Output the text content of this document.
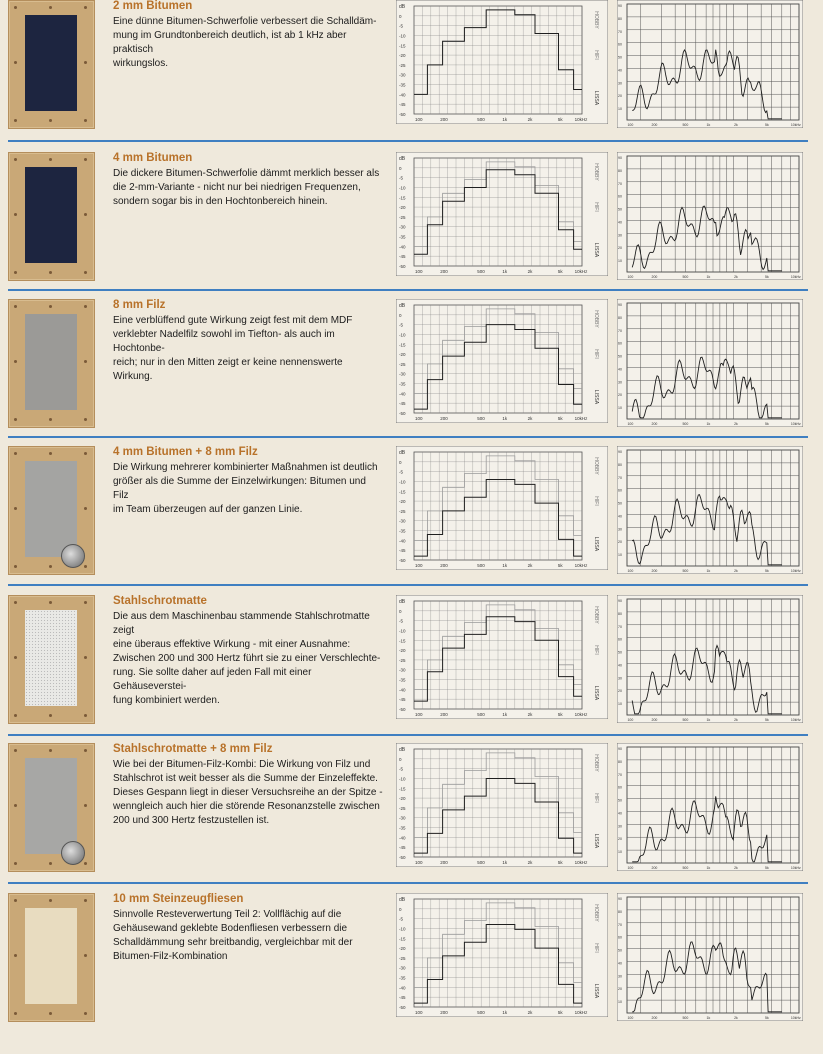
2 mm Bitumen
Eine dünne Bitumen-Schwerfolie verbessert die Schalldäm-
mung im Grundtonbereich deutlich, ist ab 1 kHz aber praktisch
wirkungslos.
dB
0
-5
-10
-15
-20
-25
-30
-35
-40
-45
-50
100	200	500	1k	2k	5k	10kHz
HOBBY
HIFI
LISSA
90
80
70
60
50
40
30
20
10
100	200	500	1k	2k	5k	10kHz
4 mm Bitumen
Die dickere Bitumen-Schwerfolie dämmt merklich besser als
die 2-mm-Variante - nicht nur bei niedrigen Frequenzen,
sondern sogar bis in den Hochtonbereich hinein.
dB
0
-5
-10
-15
-20
-25
-30
-35
-40
-45
-50
100	200	500	1k	2k	5k	10kHz
HOBBY
HIFI
LISSA
90
80
70
60
50
40
30
20
10
100	200	500	1k	2k	5k	10kHz
8 mm Filz
Eine verblüffend gute Wirkung zeigt fest mit dem MDF
verklebter Nadelfilz sowohl im Tiefton- als auch im Hochtonbe-
reich; nur in den Mitten zeigt er keine nennenswerte Wirkung.
dB
0
-5
-10
-15
-20
-25
-30
-35
-40
-45
-50
100	200	500	1k	2k	5k	10kHz
HOBBY
HIFI
LISSA
90
80
70
60
50
40
30
20
10
100	200	500	1k	2k	5k	10kHz
4 mm Bitumen + 8 mm Filz
Die Wirkung mehrerer kombinierter Maßnahmen ist deutlich
größer als die Summe der Einzelwirkungen: Bitumen und Filz
im Team überzeugen auf der ganzen Linie.
dB
0
-5
-10
-15
-20
-25
-30
-35
-40
-45
-50
100	200	500	1k	2k	5k	10kHz
HOBBY
HIFI
LISSA
90
80
70
60
50
40
30
20
10
100	200	500	1k	2k	5k	10kHz
Stahlschrotmatte
Die aus dem Maschinenbau stammende Stahlschrotmatte zeigt
eine überaus effektive Wirkung - mit einer Ausnahme:
Zwischen 200 und 300 Hertz führt sie zu einer Verschlechte-
rung. Sie sollte daher auf jeden Fall mit einer Gehäuseverstei-
fung kombiniert werden.
dB
0
-5
-10
-15
-20
-25
-30
-35
-40
-45
-50
100	200	500	1k	2k	5k	10kHz
HOBBY
HIFI
LISSA
90
80
70
60
50
40
30
20
10
100	200	500	1k	2k	5k	10kHz
Stahlschrotmatte + 8 mm Filz
Wie bei der Bitumen-Filz-Kombi: Die Wirkung von Filz und
Stahlschrot ist weit besser als die Summe der Einzeleffekte.
Dieses Gespann liegt in dieser Versuchsreihe an der Spitze -
wenngleich auch hier die störende Resonanzstelle zwischen
200 und 300 Hertz festzustellen ist.
dB
0
-5
-10
-15
-20
-25
-30
-35
-40
-45
-50
100	200	500	1k	2k	5k	10kHz
HOBBY
HIFI
LISSA
90
80
70
60
50
40
30
20
10
100	200	500	1k	2k	5k	10kHz
10 mm Steinzeugfliesen
Sinnvolle Resteverwertung Teil 2: Vollflächig auf die
Gehäusewand geklebte Bodenfliesen verbessern die
Schalldämmung sehr breitbandig, vergleichbar mit der
Bitumen-Filz-Kombination
dB
0
-5
-10
-15
-20
-25
-30
-35
-40
-45
-50
100	200	500	1k	2k	5k	10kHz
HOBBY
HIFI
LISSA
90
80
70
60
50
40
30
20
10
100	200	500	1k	2k	5k	10kHz
